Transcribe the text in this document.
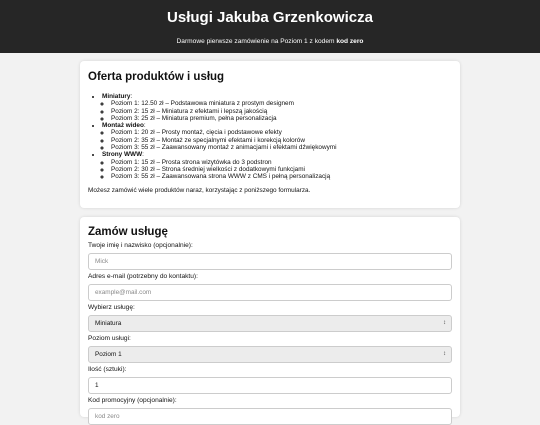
Usługi Jakuba Grzenkowicza

Darmowe pierwsze zamówienie na Poziom 1 z kodem kod zero

Oferta produktów i usług
• Miniatury:
◦ Poziom 1: 12.50 zł – Podstawowa miniatura z prostym designem
◦ Poziom 2: 15 zł – Miniatura z efektami i lepszą jakością
◦ Poziom 3: 25 zł – Miniatura premium, pełna personalizacja
• Montaż wideo:
◦ Poziom 1: 20 zł – Prosty montaż, cięcia i podstawowe efekty
◦ Poziom 2: 35 zł – Montaż ze specjalnymi efektami i korekcją kolorów
◦ Poziom 3: 55 zł – Zaawansowany montaż z animacjami i efektami dźwiękowymi
• Strony WWW:
◦ Poziom 1: 15 zł – Prosta strona wizytówka do 3 podstron
◦ Poziom 2: 30 zł – Strona średniej wielkości z dodatkowymi funkcjami
◦ Poziom 3: 55 zł – Zaawansowana strona WWW z CMS i pełną personalizacją

Możesz zamówić wiele produktów naraz, korzystając z poniższego formularza.

Zamów usługę
Twoje imię i nazwisko (opcjonalnie):
Mick
Adres e-mail (potrzebny do kontaktu):
example@mail.com
Wybierz usługę:
Miniatura	↕
Poziom usługi:
Poziom 1	↕
Ilość (sztuki):
1
Kod promocyjny (opcjonalnie):
kod zero
